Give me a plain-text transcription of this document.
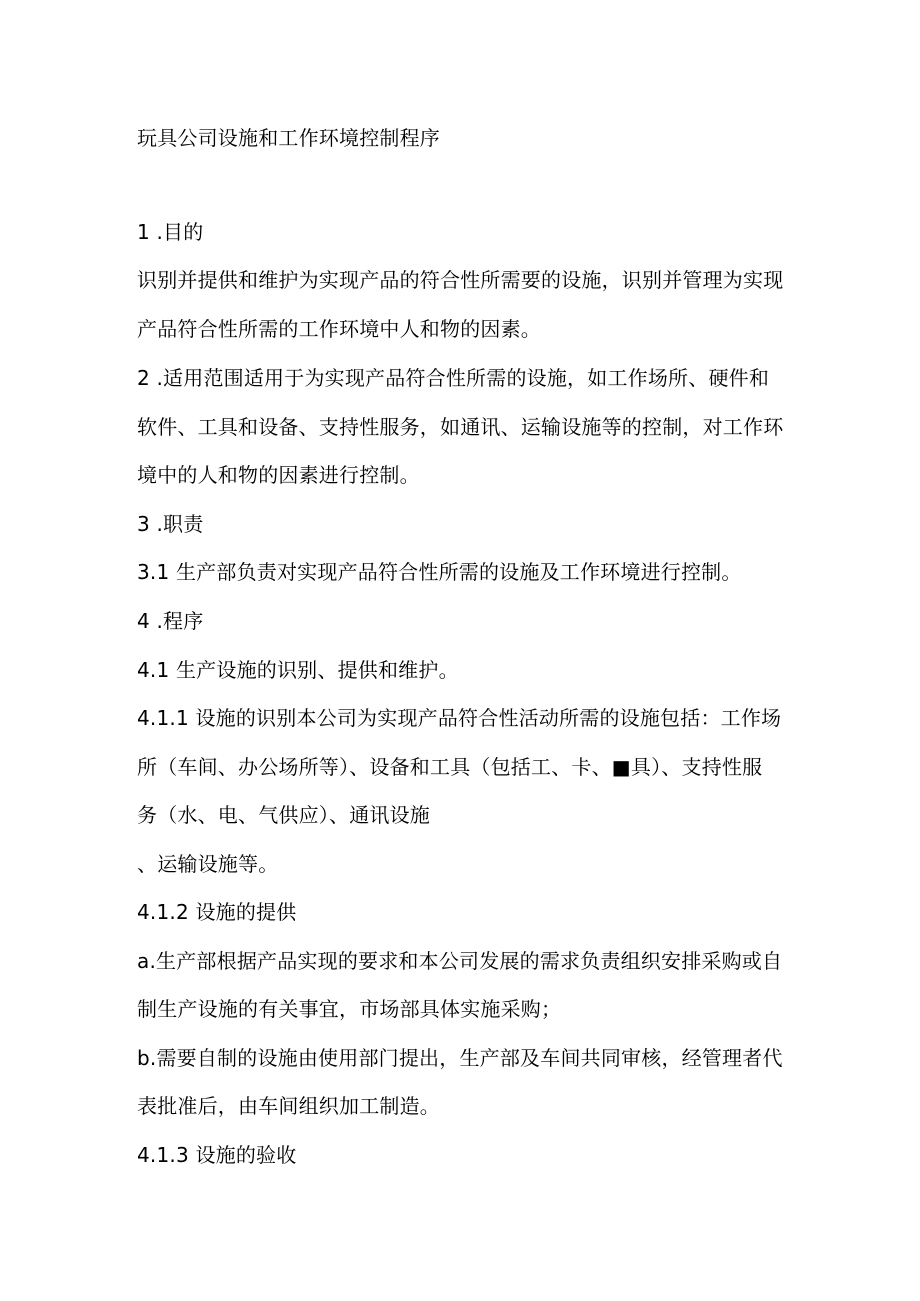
玩具公司设施和工作环境控制程序
1 .目的
识别并提供和维护为实现产品的符合性所需要的设施，识别并管理为实现
产品符合性所需的工作环境中人和物的因素。
2 .适用范围适用于为实现产品符合性所需的设施，如工作场所、硬件和
软件、工具和设备、支持性服务，如通讯、运输设施等的控制，对工作环
境中的人和物的因素进行控制。
3 .职责
3.1 生产部负责对实现产品符合性所需的设施及工作环境进行控制。
4 .程序
4.1 生产设施的识别、提供和维护。
4.1.1 设施的识别本公司为实现产品符合性活动所需的设施包括：工作场
所（车间、办公场所等）、设备和工具（包括工、卡、■具）、支持性服
务（水、电、气供应）、通讯设施
、运输设施等。
4.1.2 设施的提供
a.生产部根据产品实现的要求和本公司发展的需求负责组织安排采购或自
制生产设施的有关事宜，市场部具体实施采购；
b.需要自制的设施由使用部门提出，生产部及车间共同审核，经管理者代
表批准后，由车间组织加工制造。
4.1.3 设施的验收
